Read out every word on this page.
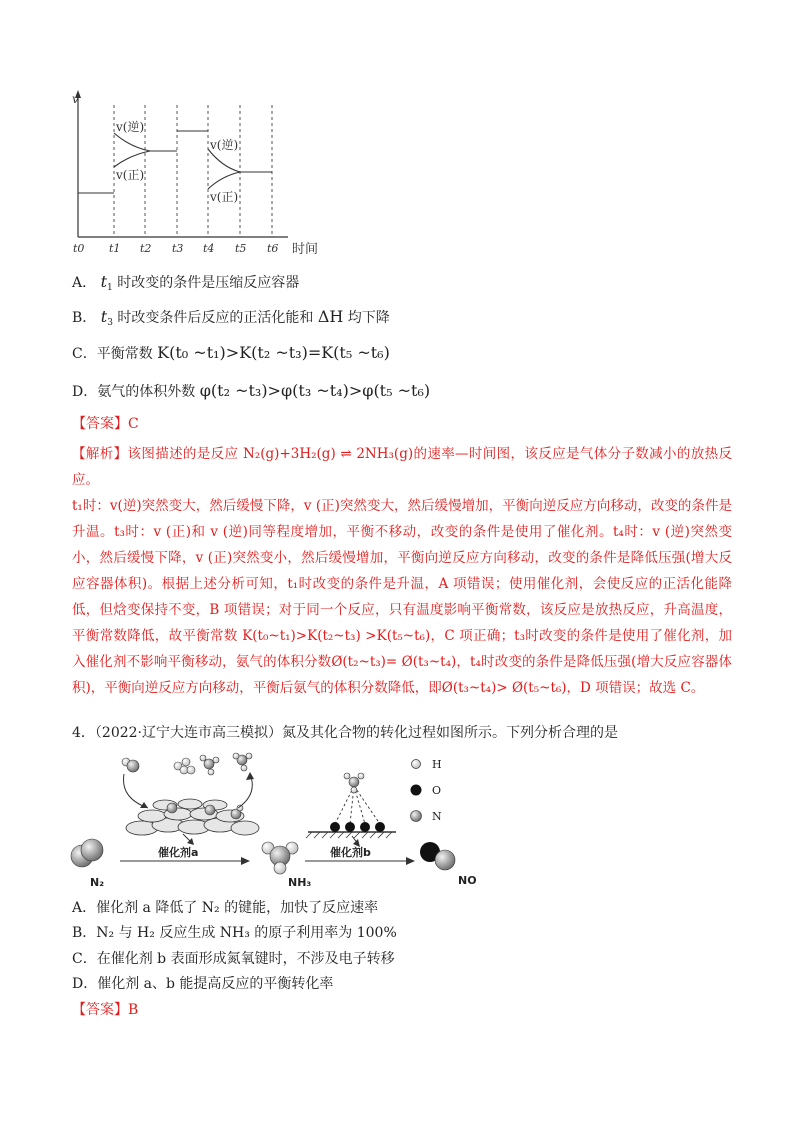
v
v(逆)
v(正)
v(逆)
v(正)
t0 t1 t2 t3 t4 t5 t6 时间
A． $t_1$ 时改变的条件是压缩反应容器
B． $t_3$ 时改变条件后反应的正活化能和 ΔH 均下降
C．平衡常数 K(t₀ ~t₁)>K(t₂ ~t₃)=K(t₅ ~t₆)
D．氨气的体积外数 φ(t₂ ~t₃)>φ(t₃ ~t₄)>φ(t₅ ~t₆)
【答案】C

【解析】该图描述的是反应 N₂(g)+3H₂(g) ⇌ 2NH₃(g)的速率—时间图，该反应是气体分子数减小的放热反应。

t₁时：v(逆)突然变大，然后缓慢下降，v (正)突然变大，然后缓慢增加，平衡向逆反应方向移动，改变的条件是升温。t₃时：v (正)和 v (逆)同等程度增加，平衡不移动，改变的条件是使用了催化剂。t₄时：v (逆)突然变小，然后缓慢下降，v (正)突然变小，然后缓慢增加，平衡向逆反应方向移动，改变的条件是降低压强(增大反应容器体积)。根据上述分析可知，t₁时改变的条件是升温，A 项错误；使用催化剂，会使反应的正活化能降低，但焓变保持不变，B 项错误；对于同一个反应，只有温度影响平衡常数，该反应是放热反应，升高温度，平衡常数降低，故平衡常数 K(t₀~t₁)>K(t₂~t₃) >K(t₅~t₆)，C 项正确；t₃时改变的条件是使用了催化剂，加入催化剂不影响平衡移动，氨气的体积分数Ø(t₂~t₃)= Ø(t₃~t₄)，t₄时改变的条件是降低压强(增大反应容器体积)，平衡向逆反应方向移动，平衡后氨气的体积分数降低，即Ø(t₃~t₄)> Ø(t₅~t₆)，D 项错误；故选 C。

4．（2022·辽宁大连市高三模拟）氮及其化合物的转化过程如图所示。下列分析合理的是
H
O
N
催化剂a	催化剂b
N₂	NH₃	NO
A．催化剂 a 降低了 N₂ 的键能，加快了反应速率
B．N₂ 与 H₂ 反应生成 NH₃ 的原子利用率为 100%
C．在催化剂 b 表面形成氮氧键时，不涉及电子转移
D．催化剂 a、b 能提高反应的平衡转化率
【答案】B
